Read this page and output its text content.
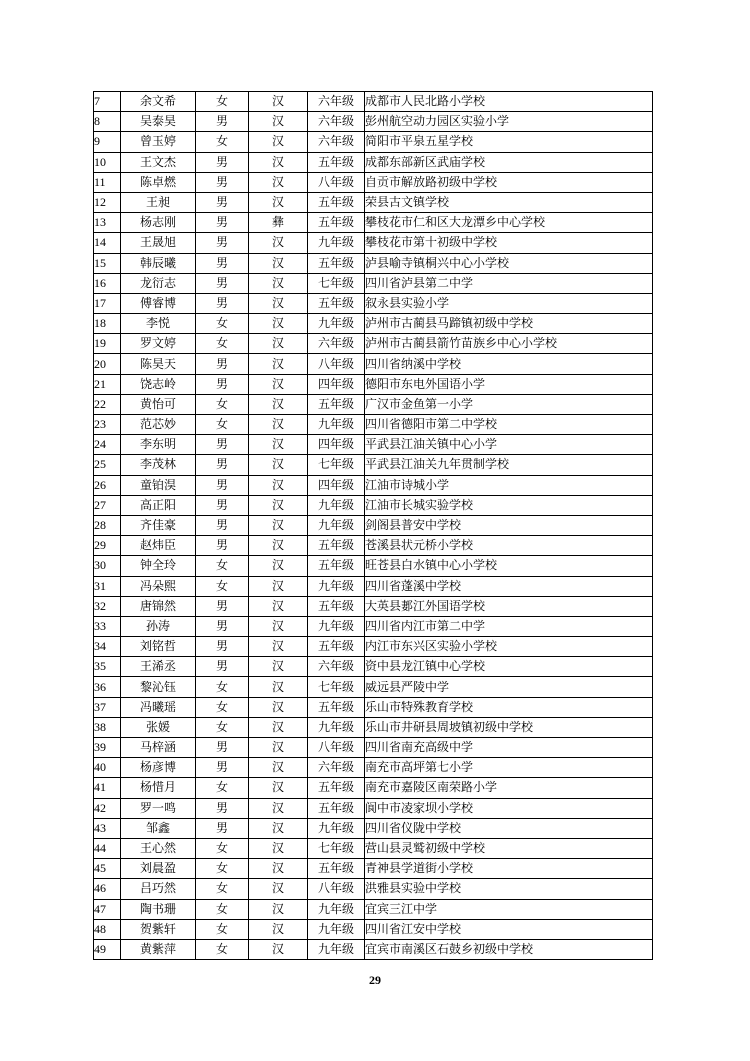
7	余文希	女	汉	六年级	成都市人民北路小学校
8	吴泰昊	男	汉	六年级	彭州航空动力园区实验小学
9	曾玉婷	女	汉	六年级	简阳市平泉五星学校
10	王文杰	男	汉	五年级	成都东部新区武庙学校
11	陈卓燃	男	汉	八年级	自贡市解放路初级中学校
12	王昶	男	汉	五年级	荣县古文镇学校
13	杨志刚	男	彝	五年级	攀枝花市仁和区大龙潭乡中心学校
14	王晟旭	男	汉	九年级	攀枝花市第十初级中学校
15	韩辰曦	男	汉	五年级	泸县喻寺镇桐兴中心小学校
16	龙衍志	男	汉	七年级	四川省泸县第二中学
17	傅睿博	男	汉	五年级	叙永县实验小学
18	李悦	女	汉	九年级	泸州市古蔺县马蹄镇初级中学校
19	罗文婷	女	汉	六年级	泸州市古蔺县箭竹苗族乡中心小学校
20	陈昊天	男	汉	八年级	四川省纳溪中学校
21	饶志岭	男	汉	四年级	德阳市东电外国语小学
22	黄怡可	女	汉	五年级	广汉市金鱼第一小学
23	范芯妙	女	汉	九年级	四川省德阳市第二中学校
24	李东明	男	汉	四年级	平武县江油关镇中心小学
25	李茂林	男	汉	七年级	平武县江油关九年贯制学校
26	童铂淏	男	汉	四年级	江油市诗城小学
27	高正阳	男	汉	九年级	江油市长城实验学校
28	齐佳豪	男	汉	九年级	剑阁县普安中学校
29	赵炜臣	男	汉	五年级	苍溪县状元桥小学校
30	钟全玲	女	汉	五年级	旺苍县白水镇中心小学校
31	冯朵熙	女	汉	九年级	四川省蓬溪中学校
32	唐锦然	男	汉	五年级	大英县郪江外国语学校
33	孙涛	男	汉	九年级	四川省内江市第二中学
34	刘铭哲	男	汉	五年级	内江市东兴区实验小学校
35	王浠丞	男	汉	六年级	资中县龙江镇中心学校
36	黎沁钰	女	汉	七年级	威远县严陵中学
37	冯曦瑶	女	汉	五年级	乐山市特殊教育学校
38	张媛	女	汉	九年级	乐山市井研县周坡镇初级中学校
39	马梓涵	男	汉	八年级	四川省南充高级中学
40	杨彦博	男	汉	六年级	南充市高坪第七小学
41	杨惜月	女	汉	五年级	南充市嘉陵区南荣路小学
42	罗一鸣	男	汉	五年级	阆中市凌家坝小学校
43	邹鑫	男	汉	九年级	四川省仪陇中学校
44	王心然	女	汉	七年级	营山县灵鹫初级中学校
45	刘晨盈	女	汉	五年级	青神县学道街小学校
46	吕巧然	女	汉	八年级	洪雅县实验中学校
47	陶书珊	女	汉	九年级	宜宾三江中学
48	贺紫轩	女	汉	九年级	四川省江安中学校
49	黄紫萍	女	汉	九年级	宜宾市南溪区石鼓乡初级中学校
29
